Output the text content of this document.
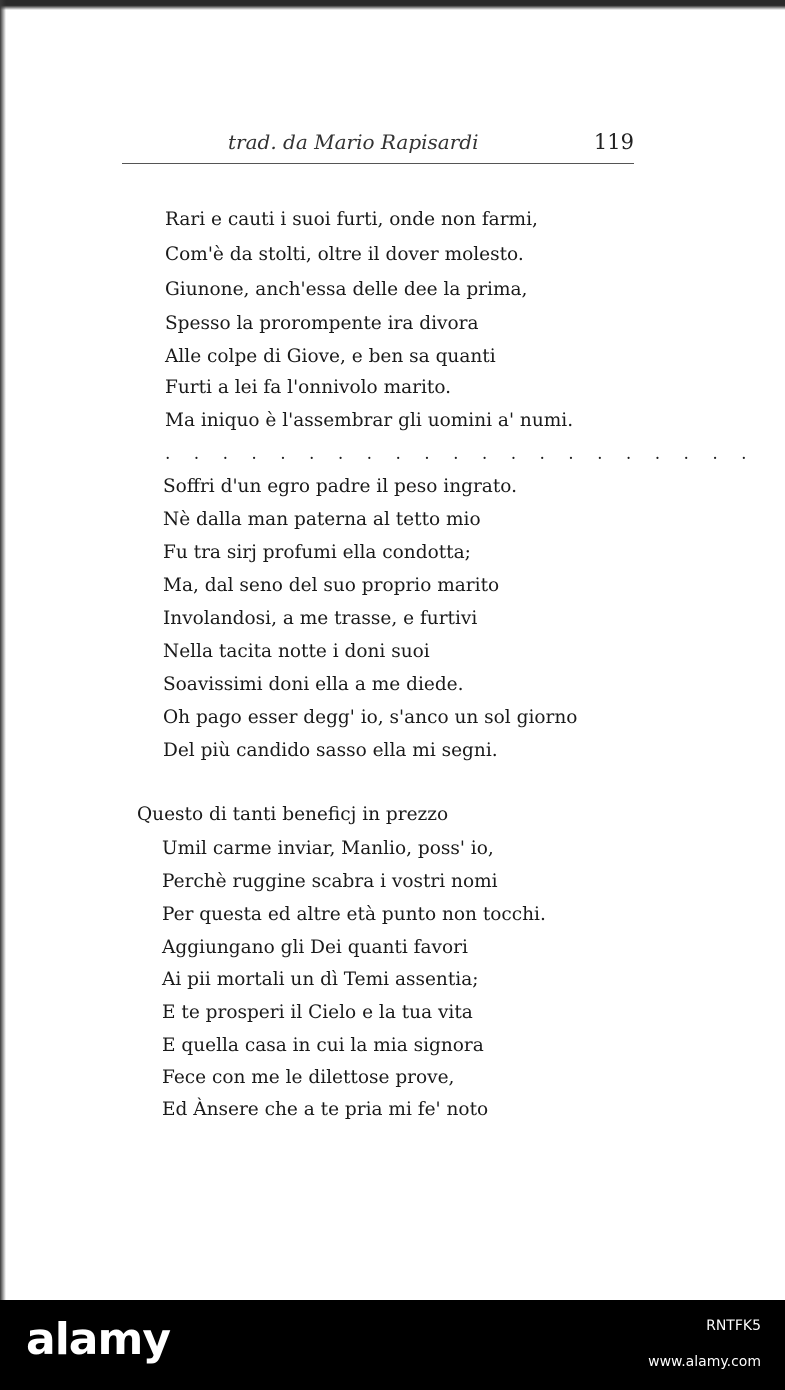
trad. da Mario Rapisardi	119
Rari e cauti i suoi furti, onde non farmi,
Com'è da stolti, oltre il dover molesto.
Giunone, anch'essa delle dee la prima,
Spesso la prorompente ira divora
Alle colpe di Giove, e ben sa quanti
Furti a lei fa l'onnivolo marito.
Ma iniquo è l'assembrar gli uomini a' numi.
. . . . . . . . . . . . . . . . . . . . .
Soffri d'un egro padre il peso ingrato.
Nè dalla man paterna al tetto mio
Fu tra sirj profumi ella condotta;
Ma, dal seno del suo proprio marito
Involandosi, a me trasse, e furtivi
Nella tacita notte i doni suoi
Soavissimi doni ella a me diede.
Oh pago esser degg' io, s'anco un sol giorno
Del più candido sasso ella mi segni.
Questo di tanti beneficj in prezzo
Umil carme inviar, Manlio, poss' io,
Perchè ruggine scabra i vostri nomi
Per questa ed altre età punto non tocchi.
Aggiungano gli Dei quanti favori
Ai pii mortali un dì Temi assentia;
E te prosperi il Cielo e la tua vita
E quella casa in cui la mia signora
Fece con me le dilettose prove,
Ed Ànsere che a te pria mi fe' noto
alamy	RNTFK5
www.alamy.com
